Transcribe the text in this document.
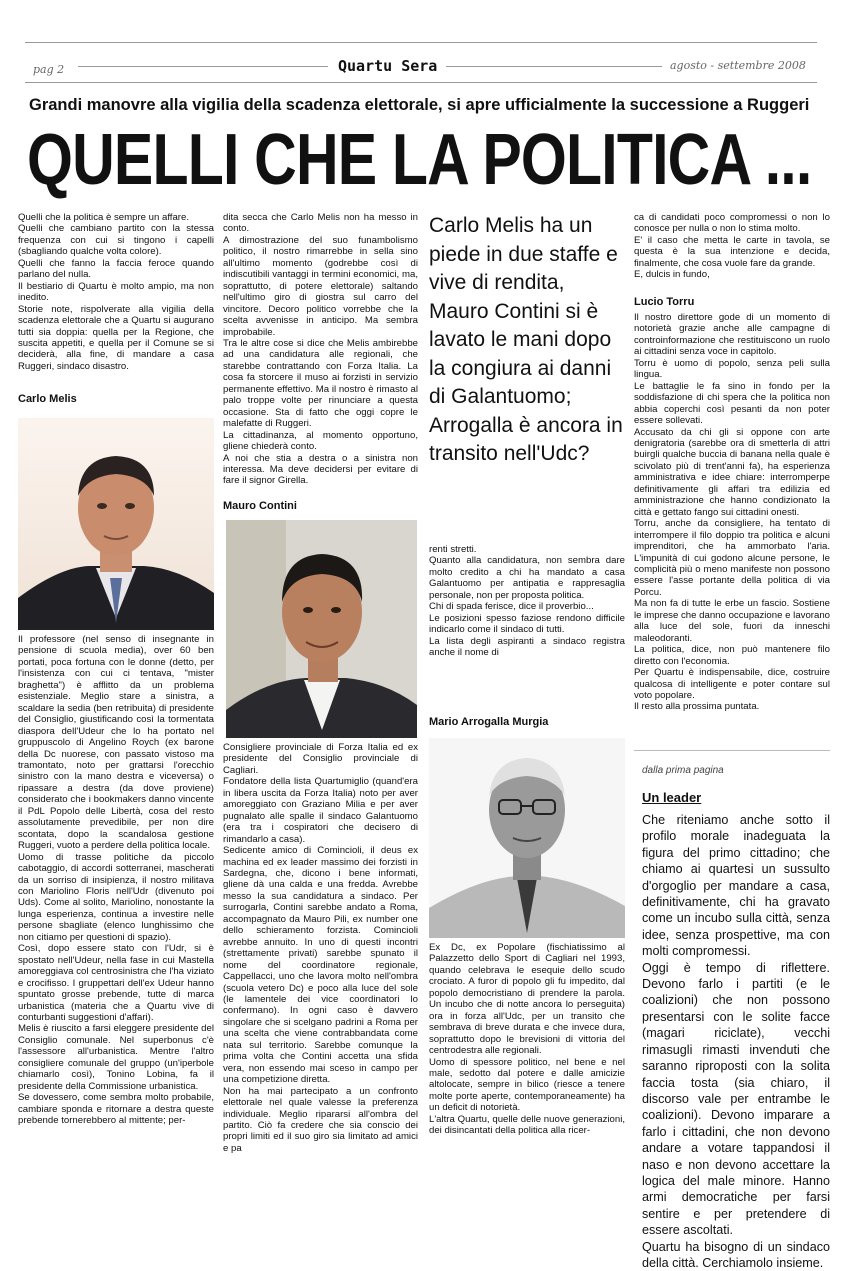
pag 2	Quartu Sera	agosto - settembre 2008
Grandi manovre alla vigilia della scadenza elettorale, si apre ufficialmente la successione a Ruggeri
QUELLI CHE LA POLITICA ...

Quelli che la politica è sempre un affare.

Quelli che cambiano partito con la stessa frequenza con cui si tingono i capelli (sbagliando qualche volta colore).

Quelli che fanno la faccia feroce quando parlano del nulla.

Il bestiario di Quartu è molto ampio, ma non inedito.

Storie note, rispolverate alla vigilia della scadenza elettorale che a Quartu si augurano tutti sia doppia: quella per la Regione, che suscita appetiti, e quella per il Comune se si deciderà, alla fine, di mandare a casa Ruggeri, sindaco disastro.

Carlo Melis

Il professore (nel senso di insegnante in pensione di scuola media), over 60 ben portati, poca fortuna con le donne (detto, per l'insistenza con cui ci tentava, "mister braghetta") è afflitto da un problema esistenziale. Meglio stare a sinistra, a scaldare la sedia (ben retribuita) di presidente del Consiglio, giustificando così la tormentata diaspora dell'Udeur che lo ha portato nel gruppuscolo di Angelino Roych (ex barone della Dc nuorese, con passato vistoso ma tramontato, noto per grattarsi l'orecchio sinistro con la mano destra e viceversa) o ripassare a destra (da dove proviene) considerato che i bookmakers danno vincente il PdL Popolo delle Libertà, cosa del resto assolutamente prevedibile, per non dire scontata, dopo la scandalosa gestione Ruggeri, vuoto a perdere della politica locale.

Uomo di trasse politiche da piccolo cabotaggio, di accordi sotterranei, mascherati da un sorriso di insipienza, il nostro militava con Mariolino Floris nell'Udr (divenuto poi Uds). Come al solito, Mariolino, nonostante la lunga esperienza, continua a investire nelle persone sbagliate (elenco lunghissimo che non citiamo per questioni di spazio).

Così, dopo essere stato con l'Udr, si è spostato nell'Udeur, nella fase in cui Mastella amoreggiava col centrosinistra che l'ha viziato e crocifisso. I gruppettari dell'ex Udeur hanno spuntato grosse prebende, tutte di marca urbanistica (materia che a Quartu vive di conturbanti suggestioni d'affari).

Melis è riuscito a farsi eleggere presidente del Consiglio comunale. Nel superbonus c'è l'assessore all'urbanistica. Mentre l'altro consigliere comunale del gruppo (un'iperbole chiamarlo così), Tonino Lobina, fa il presidente della Commissione urbanistica.

Se dovessero, come sembra molto probabile, cambiare sponda e ritornare a destra queste prebende tornerebbero al mittente; per-

dita secca che Carlo Melis non ha messo in conto.

A dimostrazione del suo funambolismo politico, il nostro rimarrebbe in sella sino all'ultimo momento (godrebbe così di indiscutibili vantaggi in termini economici, ma, soprattutto, di potere elettorale) saltando nell'ultimo giro di giostra sul carro del vincitore. Decoro politico vorrebbe che la scelta avvenisse in anticipo. Ma sembra improbabile.

Tra le altre cose si dice che Melis ambirebbe ad una candidatura alle regionali, che starebbe contrattando con Forza Italia. La cosa fa storcere il muso ai forzisti in servizio permanente effettivo. Ma il nostro è rimasto al palo troppe volte per rinunciare a questa occasione. Sta di fatto che oggi copre le malefatte di Ruggeri.

La cittadinanza, al momento opportuno, gliene chiederà conto.

A noi che stia a destra o a sinistra non interessa. Ma deve decidersi per evitare di fare il signor Girella.

Mauro Contini

Consigliere provinciale di Forza Italia ed ex presidente del Consiglio provinciale di Cagliari.

Fondatore della lista Quartumiglio (quand'era in libera uscita da Forza Italia) noto per aver amoreggiato con Graziano Milia e per aver pugnalato alle spalle il sindaco Galantuomo (era tra i cospiratori che decisero di rimandarlo a casa).

Sedicente amico di Comincioli, il deus ex machina ed ex leader massimo dei forzisti in Sardegna, che, dicono i bene informati, gliene dà una calda e una fredda. Avrebbe messo la sua candidatura a sindaco. Per surrogarla, Contini sarebbe andato a Roma, accompagnato da Mauro Pili, ex number one dello schieramento forzista. Comincioli avrebbe annuito. In uno di questi incontri (strettamente privati) sarebbe spunato il nome del coordinatore regionale, Cappellacci, uno che lavora molto nell'ombra (scuola vetero Dc) e poco alla luce del sole (le lamentele dei vice coordinatori lo confermano). In ogni caso è davvero singolare che si scelgano padrini a Roma per una scelta che viene contrabbandata come nata sul territorio. Sarebbe comunque la prima volta che Contini accetta una sfida vera, non essendo mai sceso in campo per una competizione diretta.

Non ha mai partecipato a un confronto elettorale nel quale valesse la preferenza individuale. Meglio ripararsi all'ombra del partito. Ciò fa credere che sia conscio dei propri limiti ed il suo giro sia limitato ad amici e pa

Carlo Melis ha un piede in due staffe e vive di rendita, Mauro Contini si è lavato le mani dopo la congiura ai danni di Galantuomo; Arrogalla è ancora in transito nell'Udc?

renti stretti.

Quanto alla candidatura, non sembra dare molto credito a chi ha mandato a casa Galantuomo per antipatia e rappresaglia personale, non per proposta politica.

Chi di spada ferisce, dice il proverbio...

Le posizioni spesso faziose rendono difficile indicarlo come il sindaco di tutti.

La lista degli aspiranti a sindaco registra anche il nome di

Mario Arrogalla Murgia

Ex Dc, ex Popolare (fischiatissimo al Palazzetto dello Sport di Cagliari nel 1993, quando celebrava le esequie dello scudo crociato. A furor di popolo gli fu impedito, dal popolo democristiano di prendere la parola. Un incubo che di notte ancora lo perseguita) ora in forza all'Udc, per un transito che sembrava di breve durata e che invece dura, soprattutto dopo le brevisioni di vittoria del centrodestra alle regionali.

Uomo di spessore politico, nel bene e nel male, sedotto dal potere e dalle amicizie altolocate, sempre in bilico (riesce a tenere molte porte aperte, contemporaneamente) ha un deficit di notorietà.

L'altra Quartu, quelle delle nuove generazioni, dei disincantati della politica alla ricer-

ca di candidati poco compromessi o non lo conosce per nulla o non lo stima molto.

E' il caso che metta le carte in tavola, se questa è la sua intenzione e decida, finalmente, che cosa vuole fare da grande.

E, dulcis in fundo,

Lucio Torru

Il nostro direttore gode di un momento di notorietà grazie anche alle campagne di controinformazione che restituiscono un ruolo ai cittadini senza voce in capitolo.

Torru è uomo di popolo, senza peli sulla lingua.

Le battaglie le fa sino in fondo per la soddisfazione di chi spera che la politica non abbia coperchi così pesanti da non poter essere sollevati.

Accusato da chi gli si oppone con arte denigratoria (sarebbe ora di smetterla di attri buirgli qualche buccia di banana nella quale è scivolato più di trent'anni fa), ha esperienza amministrativa e idee chiare: interromperpe definitivamente gli affari tra edilizia ed amministrazione che hanno condizionato la città e gettato fango sui cittadini onesti.

Torru, anche da consigliere, ha tentato di interrompere il filo doppio tra politica e alcuni imprenditori, che ha ammorbato l'aria. L'impunità di cui godono alcune persone, le complicità più o meno manifeste non possono essere l'asse portante della politica di via Porcu.

Ma non fa di tutte le erbe un fascio. Sostiene le imprese che danno occupazione e lavorano alla luce del sole, fuori da inneschi maleodoranti.

La politica, dice, non può mantenere filo diretto con l'economia.

Per Quartu è indispensabile, dice, costruire qualcosa di intelligente e poter contare sul voto popolare.

Il resto alla prossima puntata.

dalla prima pagina
Un leader

Che riteniamo anche sotto il profilo morale inadeguata la figura del primo cittadino; che chiamo ai quartesi un sussulto d'orgoglio per mandare a casa, definitivamente, chi ha gravato come un incubo sulla città, senza idee, senza prospettive, ma con molti compromessi.

Oggi è tempo di riflettere. Devono farlo i partiti (e le coalizioni) che non possono presentarsi con le solite facce (magari riciclate), vecchi rimasugli rimasti invenduti che saranno riproposti con la solita faccia tosta (sia chiaro, il discorso vale per entrambe le coalizioni). Devono imparare a farlo i cittadini, che non devono andare a votare tappandosi il naso e non devono accettare la logica del male minore. Hanno armi democratiche per farsi sentire e per pretendere di essere ascoltati.

Quartu ha bisogno di un sindaco della città. Cerchiamolo insieme.
